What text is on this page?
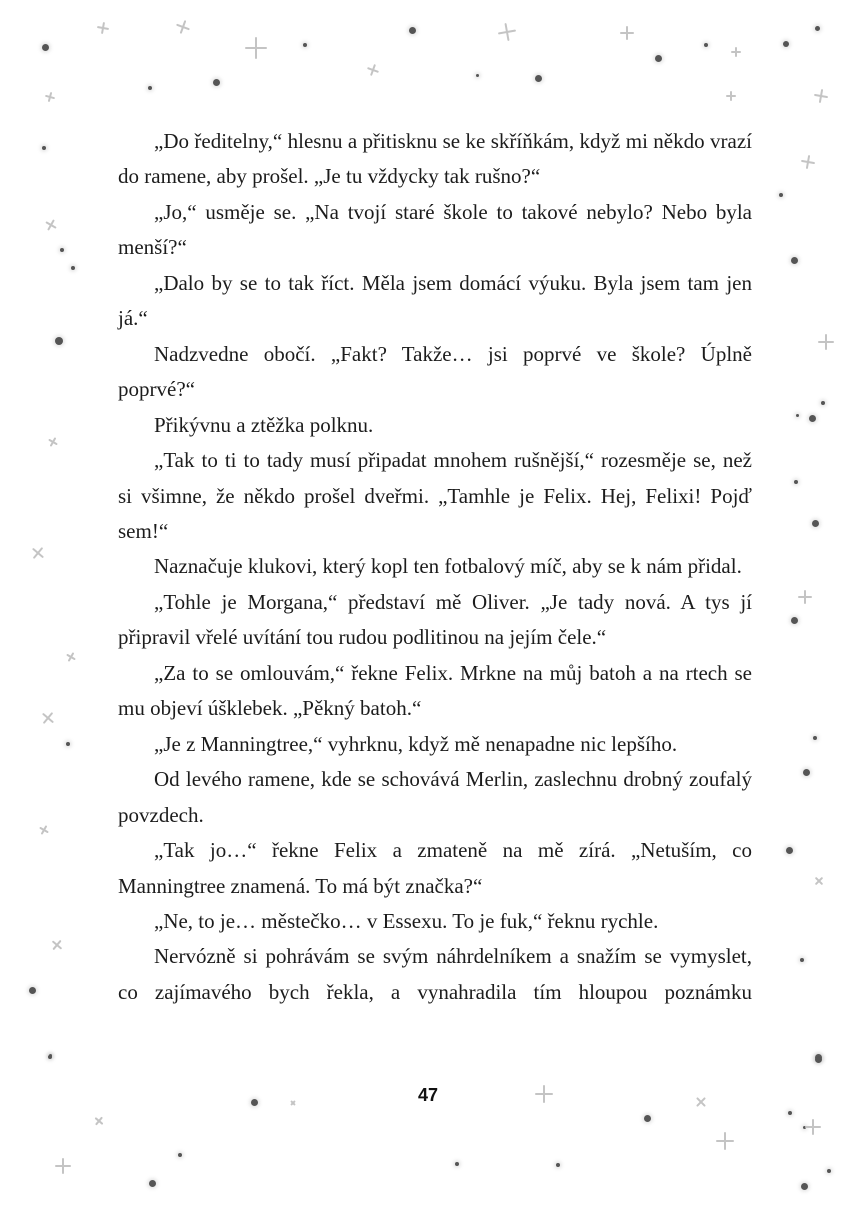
„Do ředitelny,“ hlesnu a přitisknu se ke skříňkám, když mi někdo vrazí do ramene, aby prošel. „Je tu vždycky tak rušno?“

„Jo,“ usměje se. „Na tvojí staré škole to takové nebylo? Nebo byla menší?“

„Dalo by se to tak říct. Měla jsem domácí výuku. Byla jsem tam jen já.“

Nadzvedne obočí. „Fakt? Takže… jsi poprvé ve škole? Úplně poprvé?“

Přikývnu a ztěžka polknu.

„Tak to ti to tady musí připadat mnohem rušnější,“ rozesměje se, než si všimne, že někdo prošel dveřmi. „Tamhle je Felix. Hej, Felixi! Pojď sem!“

Naznačuje klukovi, který kopl ten fotbalový míč, aby se k nám přidal.

„Tohle je Morgana,“ představí mě Oliver. „Je tady nová. A tys jí připravil vřelé uvítání tou rudou podlitinou na jejím čele.“

„Za to se omlouvám,“ řekne Felix. Mrkne na můj batoh a na rtech se mu objeví úšklebek. „Pěkný batoh.“

„Je z Manningtree,“ vyhrknu, když mě nenapadne nic lepšího.

Od levého ramene, kde se schovává Merlin, zaslechnu drobný zoufalý povzdech.

„Tak jo…“ řekne Felix a zmateně na mě zírá. „Netuším, co Manningtree znamená. To má být značka?“

„Ne, to je… městečko… v Essexu. To je fuk,“ řeknu rychle.

Nervózně si pohrávám se svým náhrdelníkem a snažím se vymyslet, co zajímavého bych řekla, a vynahradila tím hloupou poznámku

47
